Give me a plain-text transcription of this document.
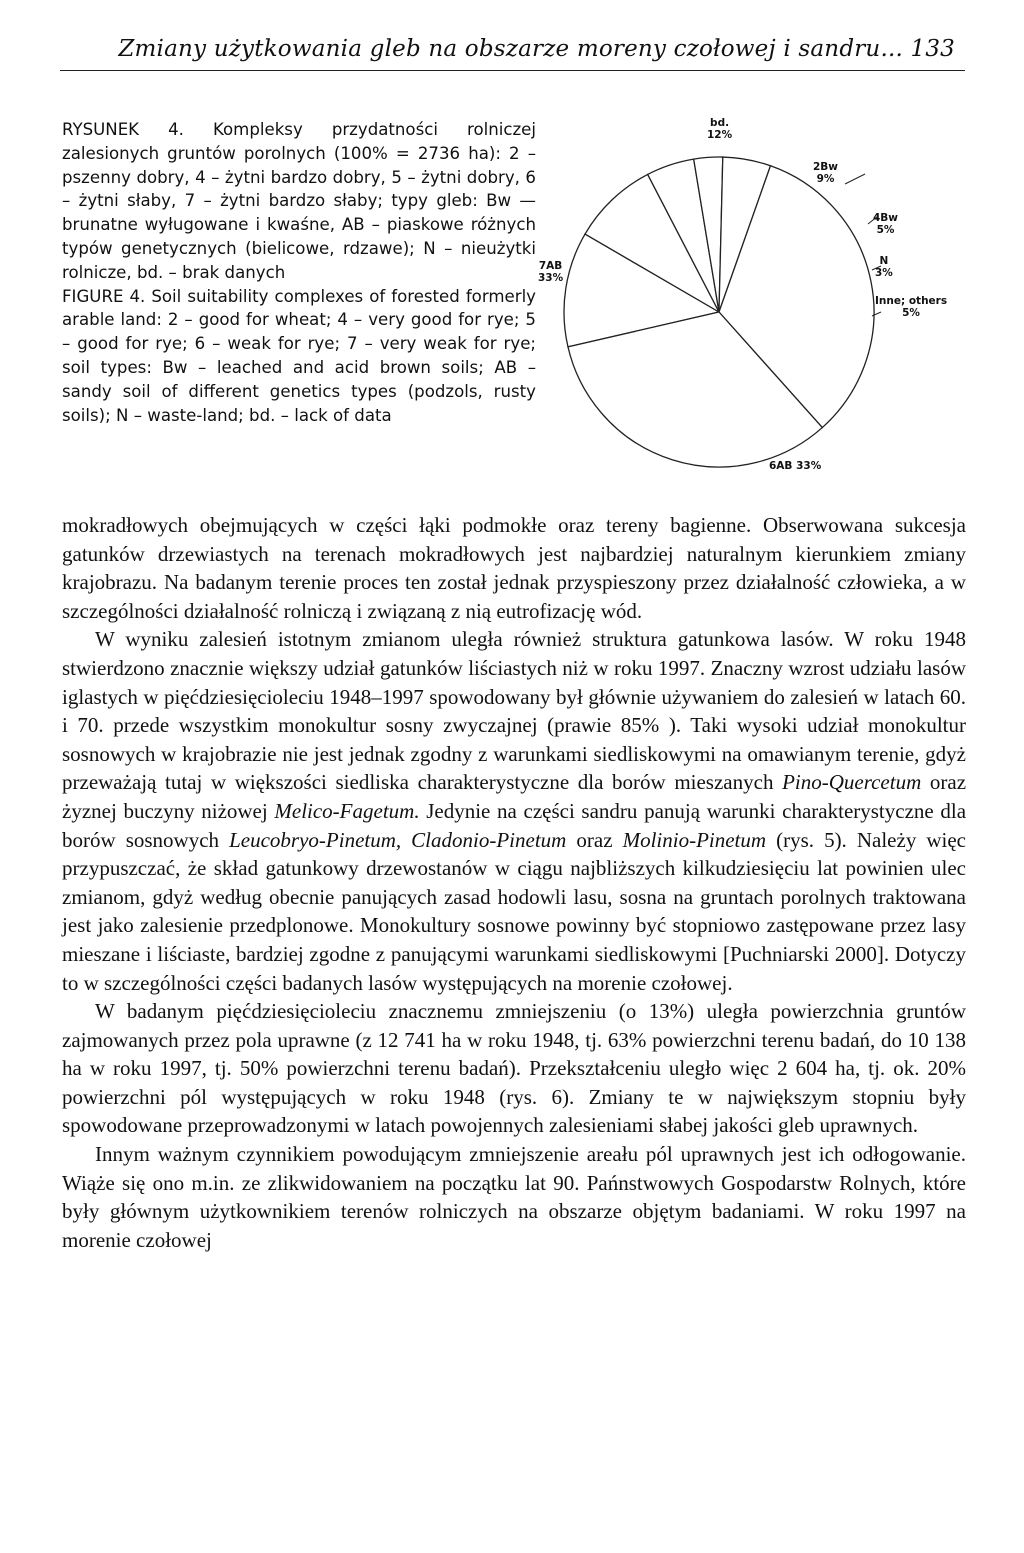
Zmiany użytkowania gleb na obszarze moreny czołowej i sandru... 133

RYSUNEK 4. Kompleksy przydatności rolniczej zalesionych gruntów porolnych (100% = 2736 ha): 2 – pszenny dobry, 4 – żytni bardzo dobry, 5 – żytni dobry, 6 – żytni słaby, 7 – żytni bardzo słaby; typy gleb: Bw — brunatne wyługowane i kwaśne, AB – piaskowe różnych typów genetycznych (bielicowe, rdzawe); N – nieużytki rolnicze, bd. – brak danych

FIGURE 4. Soil suitability complexes of forested formerly arable land: 2 – good for wheat; 4 – very good for rye; 5 – good for rye; 6 – weak for rye; 7 – very weak for rye; soil types: Bw – leached and acid brown soils; AB – sandy soil of different genetics types (podzols, rusty soils); N – waste-land; bd. – lack of data

bd.
12%
2Bw
9%
4Bw
5%
N
3%
Inne; others
5%
6AB 33%
7AB
33%

mokradłowych obejmujących w części łąki podmokłe oraz tereny bagienne. Obserwowana sukcesja gatunków drzewiastych na terenach mokradłowych jest najbardziej naturalnym kierunkiem zmiany krajobrazu. Na badanym terenie proces ten został jednak przyspieszony przez działalność człowieka, a w szczególności działalność rolniczą i związaną z nią eutrofizację wód.

W wyniku zalesień istotnym zmianom uległa również struktura gatunkowa lasów. W roku 1948 stwierdzono znacznie większy udział gatunków liściastych niż w roku 1997. Znaczny wzrost udziału lasów iglastych w pięćdziesięcioleciu 1948–1997 spowodowany był głównie używaniem do zalesień w latach 60. i 70. przede wszystkim monokultur sosny zwyczajnej (prawie 85% ). Taki wysoki udział monokultur sosnowych w krajobrazie nie jest jednak zgodny z warunkami siedliskowymi na omawianym terenie, gdyż przeważają tutaj w większości siedliska charakterystyczne dla borów mieszanych Pino-Quercetum oraz żyznej buczyny niżowej Melico-Fagetum. Jedynie na części sandru panują warunki charakterystyczne dla borów sosnowych Leucobryo-Pinetum, Cladonio-Pinetum oraz Molinio-Pinetum (rys. 5). Należy więc przypuszczać, że skład gatunkowy drzewostanów w ciągu najbliższych kilkudziesięciu lat powinien ulec zmianom, gdyż według obecnie panujących zasad hodowli lasu, sosna na gruntach porolnych traktowana jest jako zalesienie przedplonowe. Monokultury sosnowe powinny być stopniowo zastępowane przez lasy mieszane i liściaste, bardziej zgodne z panującymi warunkami siedliskowymi [Puchniarski 2000]. Dotyczy to w szczególności części badanych lasów występujących na morenie czołowej.

W badanym pięćdziesięcioleciu znacznemu zmniejszeniu (o 13%) uległa powierzchnia gruntów zajmowanych przez pola uprawne (z 12 741 ha w roku 1948, tj. 63% powierzchni terenu badań, do 10 138 ha w roku 1997, tj. 50% powierzchni terenu badań). Przekształceniu uległo więc 2 604 ha, tj. ok. 20% powierzchni pól występujących w roku 1948 (rys. 6). Zmiany te w największym stopniu były spowodowane przeprowadzonymi w latach powojennych zalesieniami słabej jakości gleb uprawnych.

Innym ważnym czynnikiem powodującym zmniejszenie areału pól uprawnych jest ich odłogowanie. Wiąże się ono m.in. ze zlikwidowaniem na początku lat 90. Pańnstwowych Gospodarstw Rolnych, które były głównym użytkownikiem terenów rolniczych na obszarze objętym badaniami. W roku 1997 na morenie czołowej
